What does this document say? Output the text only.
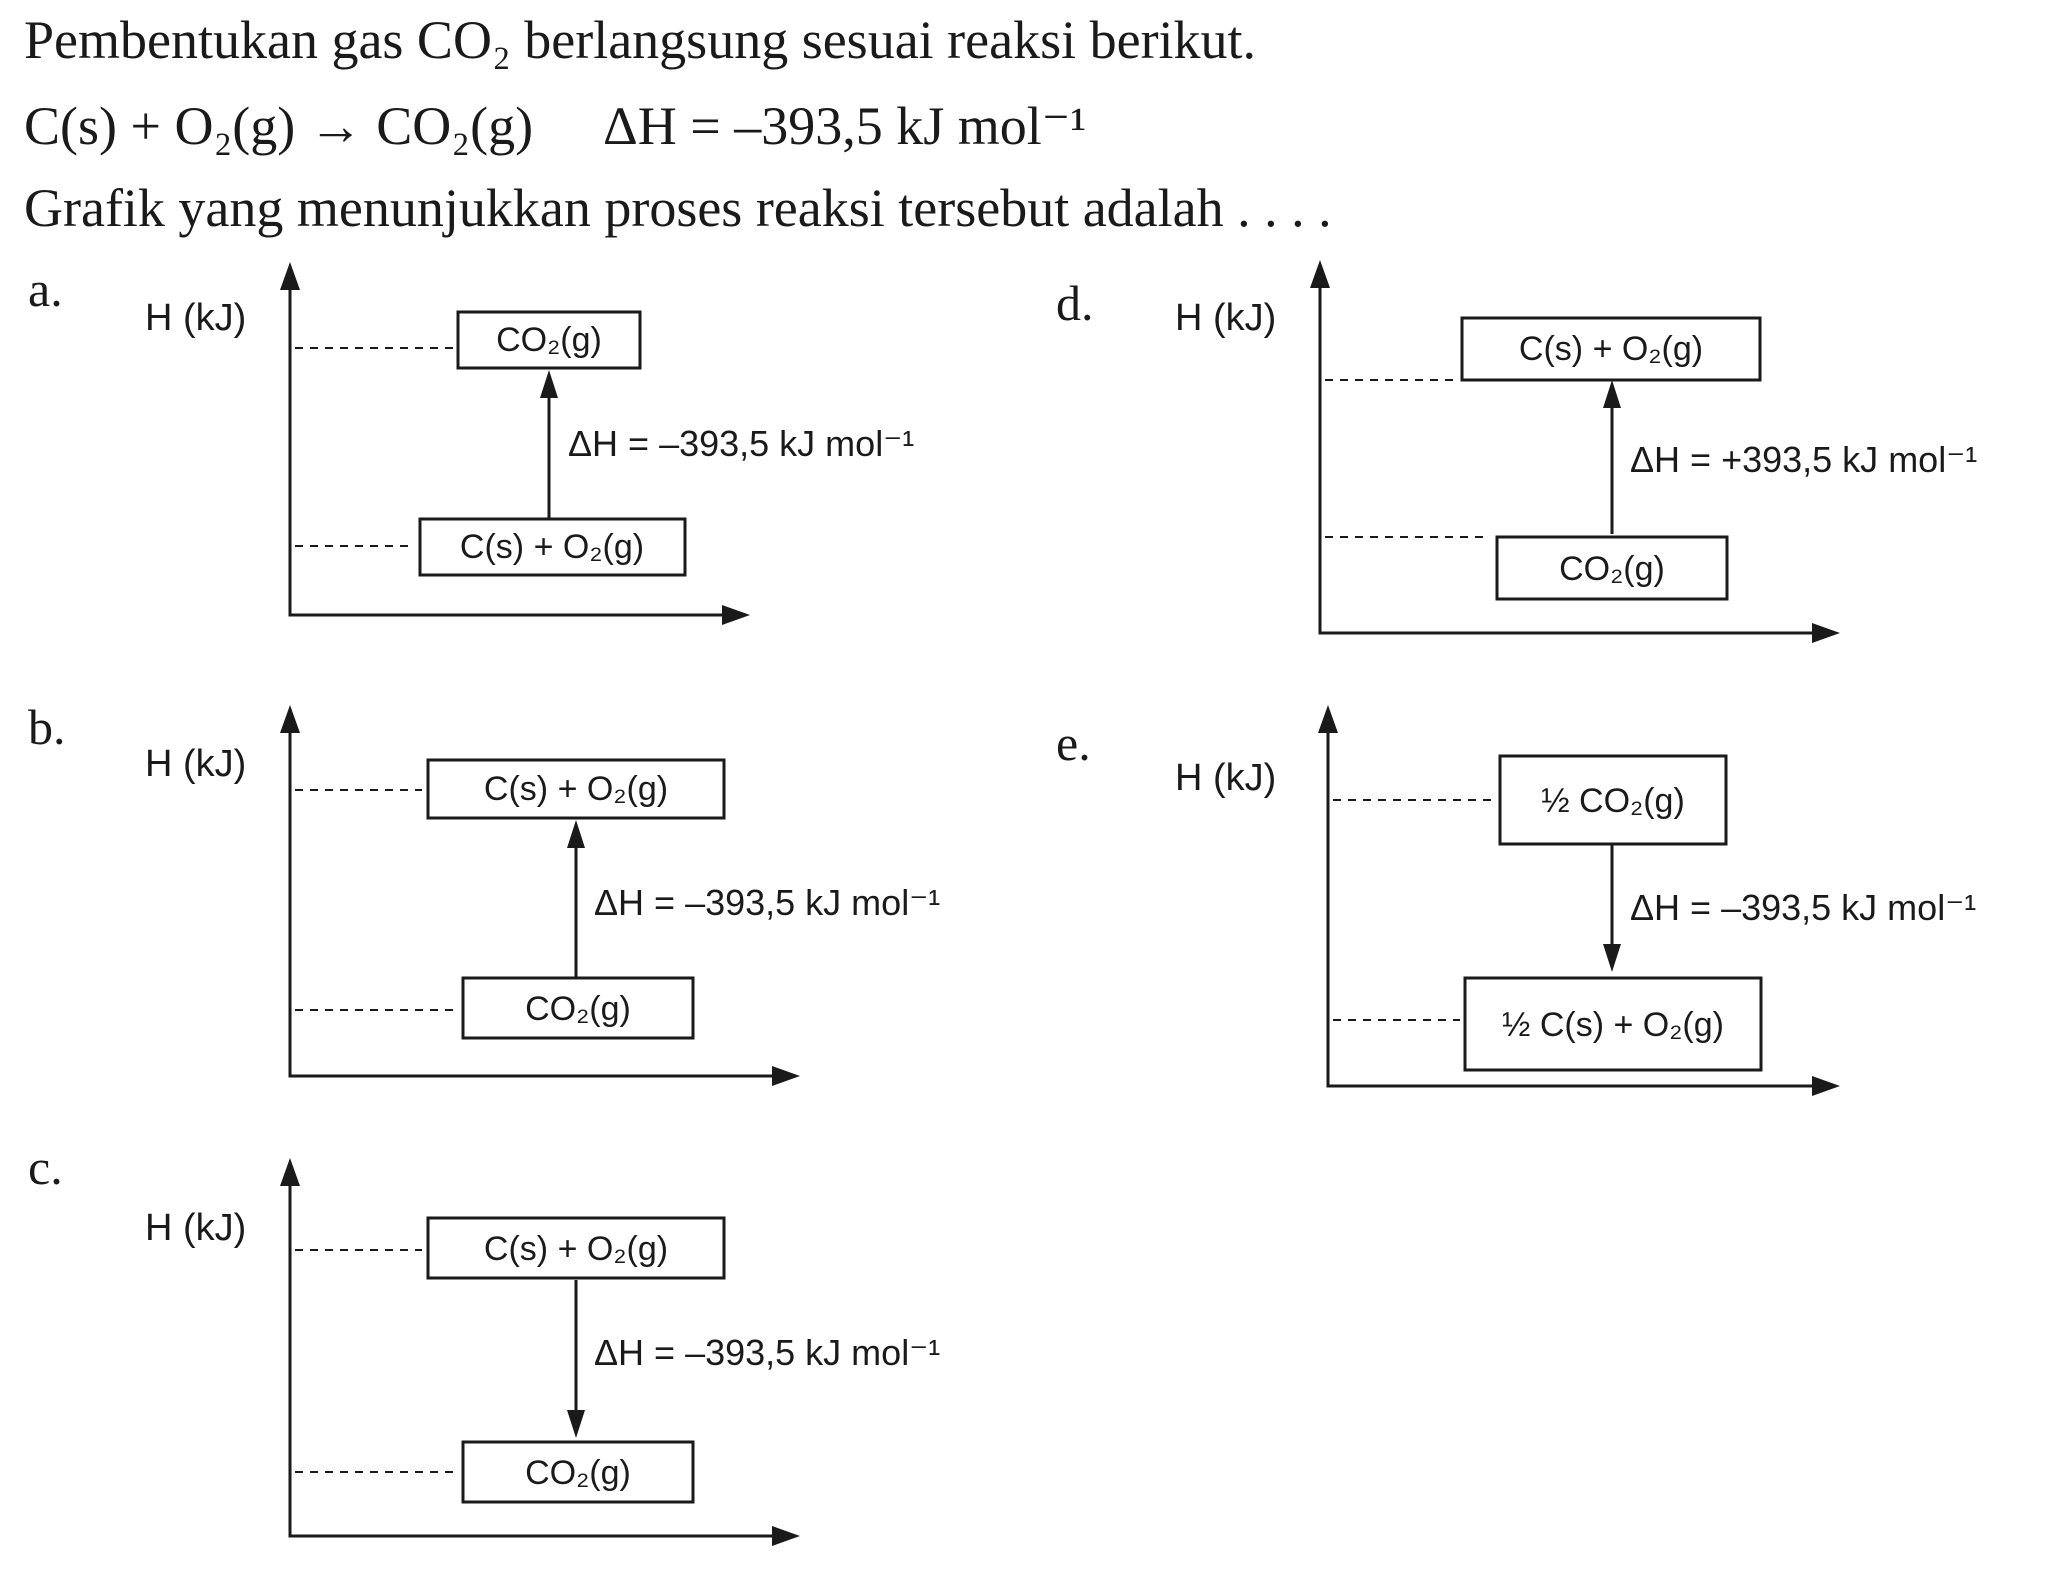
Pembentukan gas CO₂ berlangsung sesuai reaksi berikut.
C(s) + O₂(g) → CO₂(g) ΔH = –393,5 kJ mol⁻¹
Grafik yang menunjukkan proses reaksi tersebut adalah . . . .
a.
b.
c.
d.
e.
H (kJ)
CO₂(g)
C(s) + O₂(g)
ΔH = –393,5 kJ mol⁻¹
H (kJ)
C(s) + O₂(g)
CO₂(g)
ΔH = –393,5 kJ mol⁻¹
H (kJ)	C(s) + O₂(g)
CO₂(g)
ΔH = –393,5 kJ mol⁻¹
H (kJ)
C(s) + O₂(g)
CO₂(g)
ΔH = +393,5 kJ mol⁻¹
H (kJ)
½ CO₂(g)
½ C(s) + O₂(g)
ΔH = –393,5 kJ mol⁻¹
